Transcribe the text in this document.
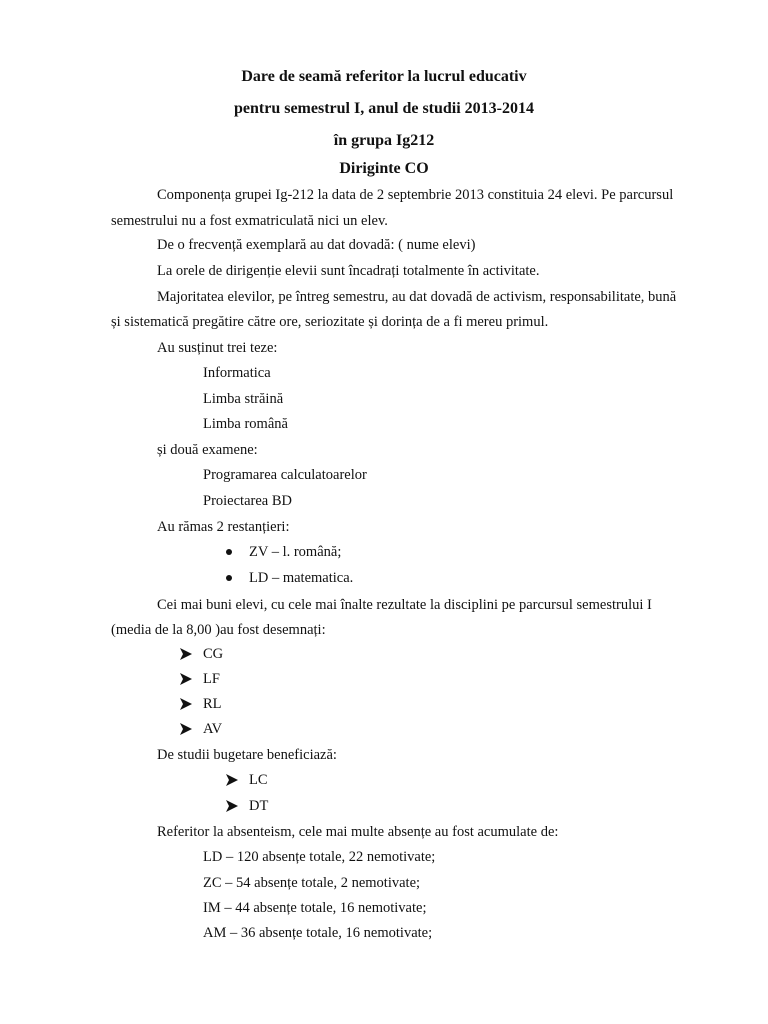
Dare de seamă referitor la lucrul educativ
pentru semestrul I, anul de studii 2013-2014
în grupa Ig212
Diriginte CO

Componența grupei Ig-212 la data de 2 septembrie 2013 constituia 24 elevi. Pe parcursul

semestrului nu a fost exmatriculată nici un elev.

De o frecvență exemplară au dat dovadă: ( nume elevi)

La orele de dirigenție elevii sunt încadrați totalmente în activitate.

Majoritatea elevilor, pe întreg semestru, au dat dovadă de activism, responsabilitate, bună

și sistematică pregătire către ore, seriozitate și dorința de a fi mereu primul.

Au susținut trei teze:

Informatica

Limba străină

Limba română

și două examene:

Programarea calculatoarelor

Proiectarea BD

Au rămas 2 restanțieri:

ZV – l. română;

LD – matematica.

Cei mai buni elevi, cu cele mai înalte rezultate la disciplini pe parcursul semestrului I

(media de la 8,00 )au fost desemnați:

CG

LF

RL

AV

De studii bugetare beneficiază:

LC

DT

Referitor la absenteism, cele mai multe absențe au fost acumulate de:

LD – 120 absențe totale, 22 nemotivate;

ZC – 54 absențe totale, 2 nemotivate;

IM – 44 absențe totale, 16 nemotivate;

AM – 36 absențe totale, 16 nemotivate;
